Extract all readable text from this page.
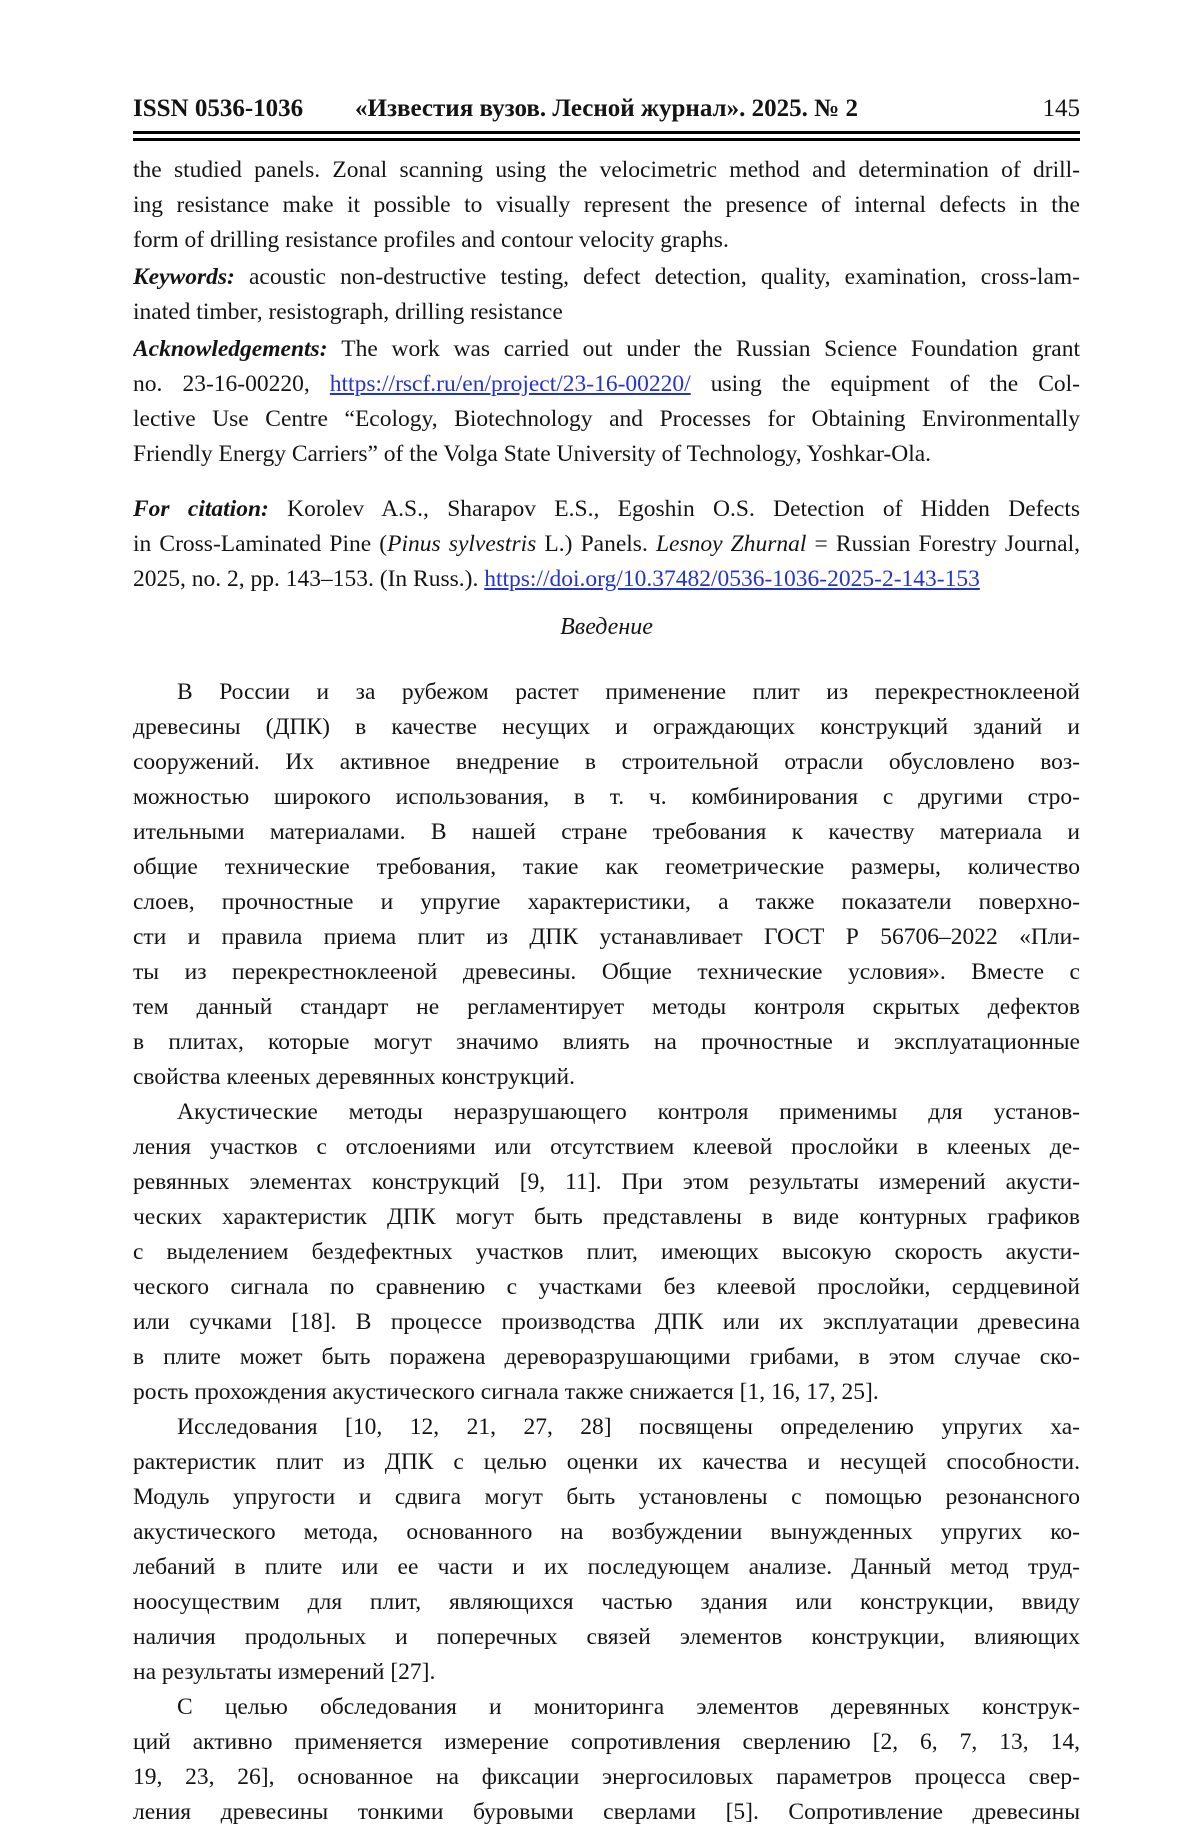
ISSN 0536-1036	«Известия вузов. Лесной журнал». 2025. № 2	145
the studied panels. Zonal scanning using the velocimetric method and determination of drill-
ing resistance make it possible to visually represent the presence of internal defects in the
form of drilling resistance profiles and contour velocity graphs.
Keywords: acoustic non-destructive testing, defect detection, quality, examination, cross-lam-
inated timber, resistograph, drilling resistance
Acknowledgements: The work was carried out under the Russian Science Foundation grant
no. 23-16-00220, https://rscf.ru/en/project/23-16-00220/ using the equipment of the Col-
lective Use Centre “Ecology, Biotechnology and Processes for Obtaining Environmentally
Friendly Energy Carriers” of the Volga State University of Technology, Yoshkar-Ola.
For citation: Korolev A.S., Sharapov E.S., Egoshin O.S. Detection of Hidden Defects
in Cross-Laminated Pine (Pinus sylvestris L.) Panels. Lesnoy Zhurnal = Russian Forestry Journal,
2025, no. 2, pp. 143–153. (In Russ.). https://doi.org/10.37482/0536-1036-2025-2-143-153
Введение
В России и за рубежом растет применение плит из перекрестноклееной
древесины (ДПК) в качестве несущих и ограждающих конструкций зданий и
сооружений. Их активное внедрение в строительной отрасли обусловлено воз-
можностью широкого использования, в т. ч. комбинирования с другими стро-
ительными материалами. В нашей стране требования к качеству материала и
общие технические требования, такие как геометрические размеры, количество
слоев, прочностные и упругие характеристики, а также показатели поверхно-
сти и правила приема плит из ДПК устанавливает ГОСТ Р 56706–2022 «Пли-
ты из перекрестноклееной древесины. Общие технические условия». Вместе с
тем данный стандарт не регламентирует методы контроля скрытых дефектов
в плитах, которые могут значимо влиять на прочностные и эксплуатационные
свойства клееных деревянных конструкций.
Акустические методы неразрушающего контроля применимы для установ-
ления участков с отслоениями или отсутствием клеевой прослойки в клееных де-
ревянных элементах конструкций [9, 11]. При этом результаты измерений акусти-
ческих характеристик ДПК могут быть представлены в виде контурных графиков
с выделением бездефектных участков плит, имеющих высокую скорость акусти-
ческого сигнала по сравнению с участками без клеевой прослойки, сердцевиной
или сучками [18]. В процессе производства ДПК или их эксплуатации древесина
в плите может быть поражена дереворазрушающими грибами, в этом случае ско-
рость прохождения акустического сигнала также снижается [1, 16, 17, 25].
Исследования [10, 12, 21, 27, 28] посвящены определению упругих ха-
рактеристик плит из ДПК с целью оценки их качества и несущей способности.
Модуль упругости и сдвига могут быть установлены с помощью резонансного
акустического метода, основанного на возбуждении вынужденных упругих ко-
лебаний в плите или ее части и их последующем анализе. Данный метод труд-
ноосуществим для плит, являющихся частью здания или конструкции, ввиду
наличия продольных и поперечных связей элементов конструкции, влияющих
на результаты измерений [27].
С целью обследования и мониторинга элементов деревянных конструк-
ций активно применяется измерение сопротивления сверлению [2, 6, 7, 13, 14,
19, 23, 26], основанное на фиксации энергосиловых параметров процесса свер-
ления древесины тонкими буровыми сверлами [5]. Сопротивление древесины
